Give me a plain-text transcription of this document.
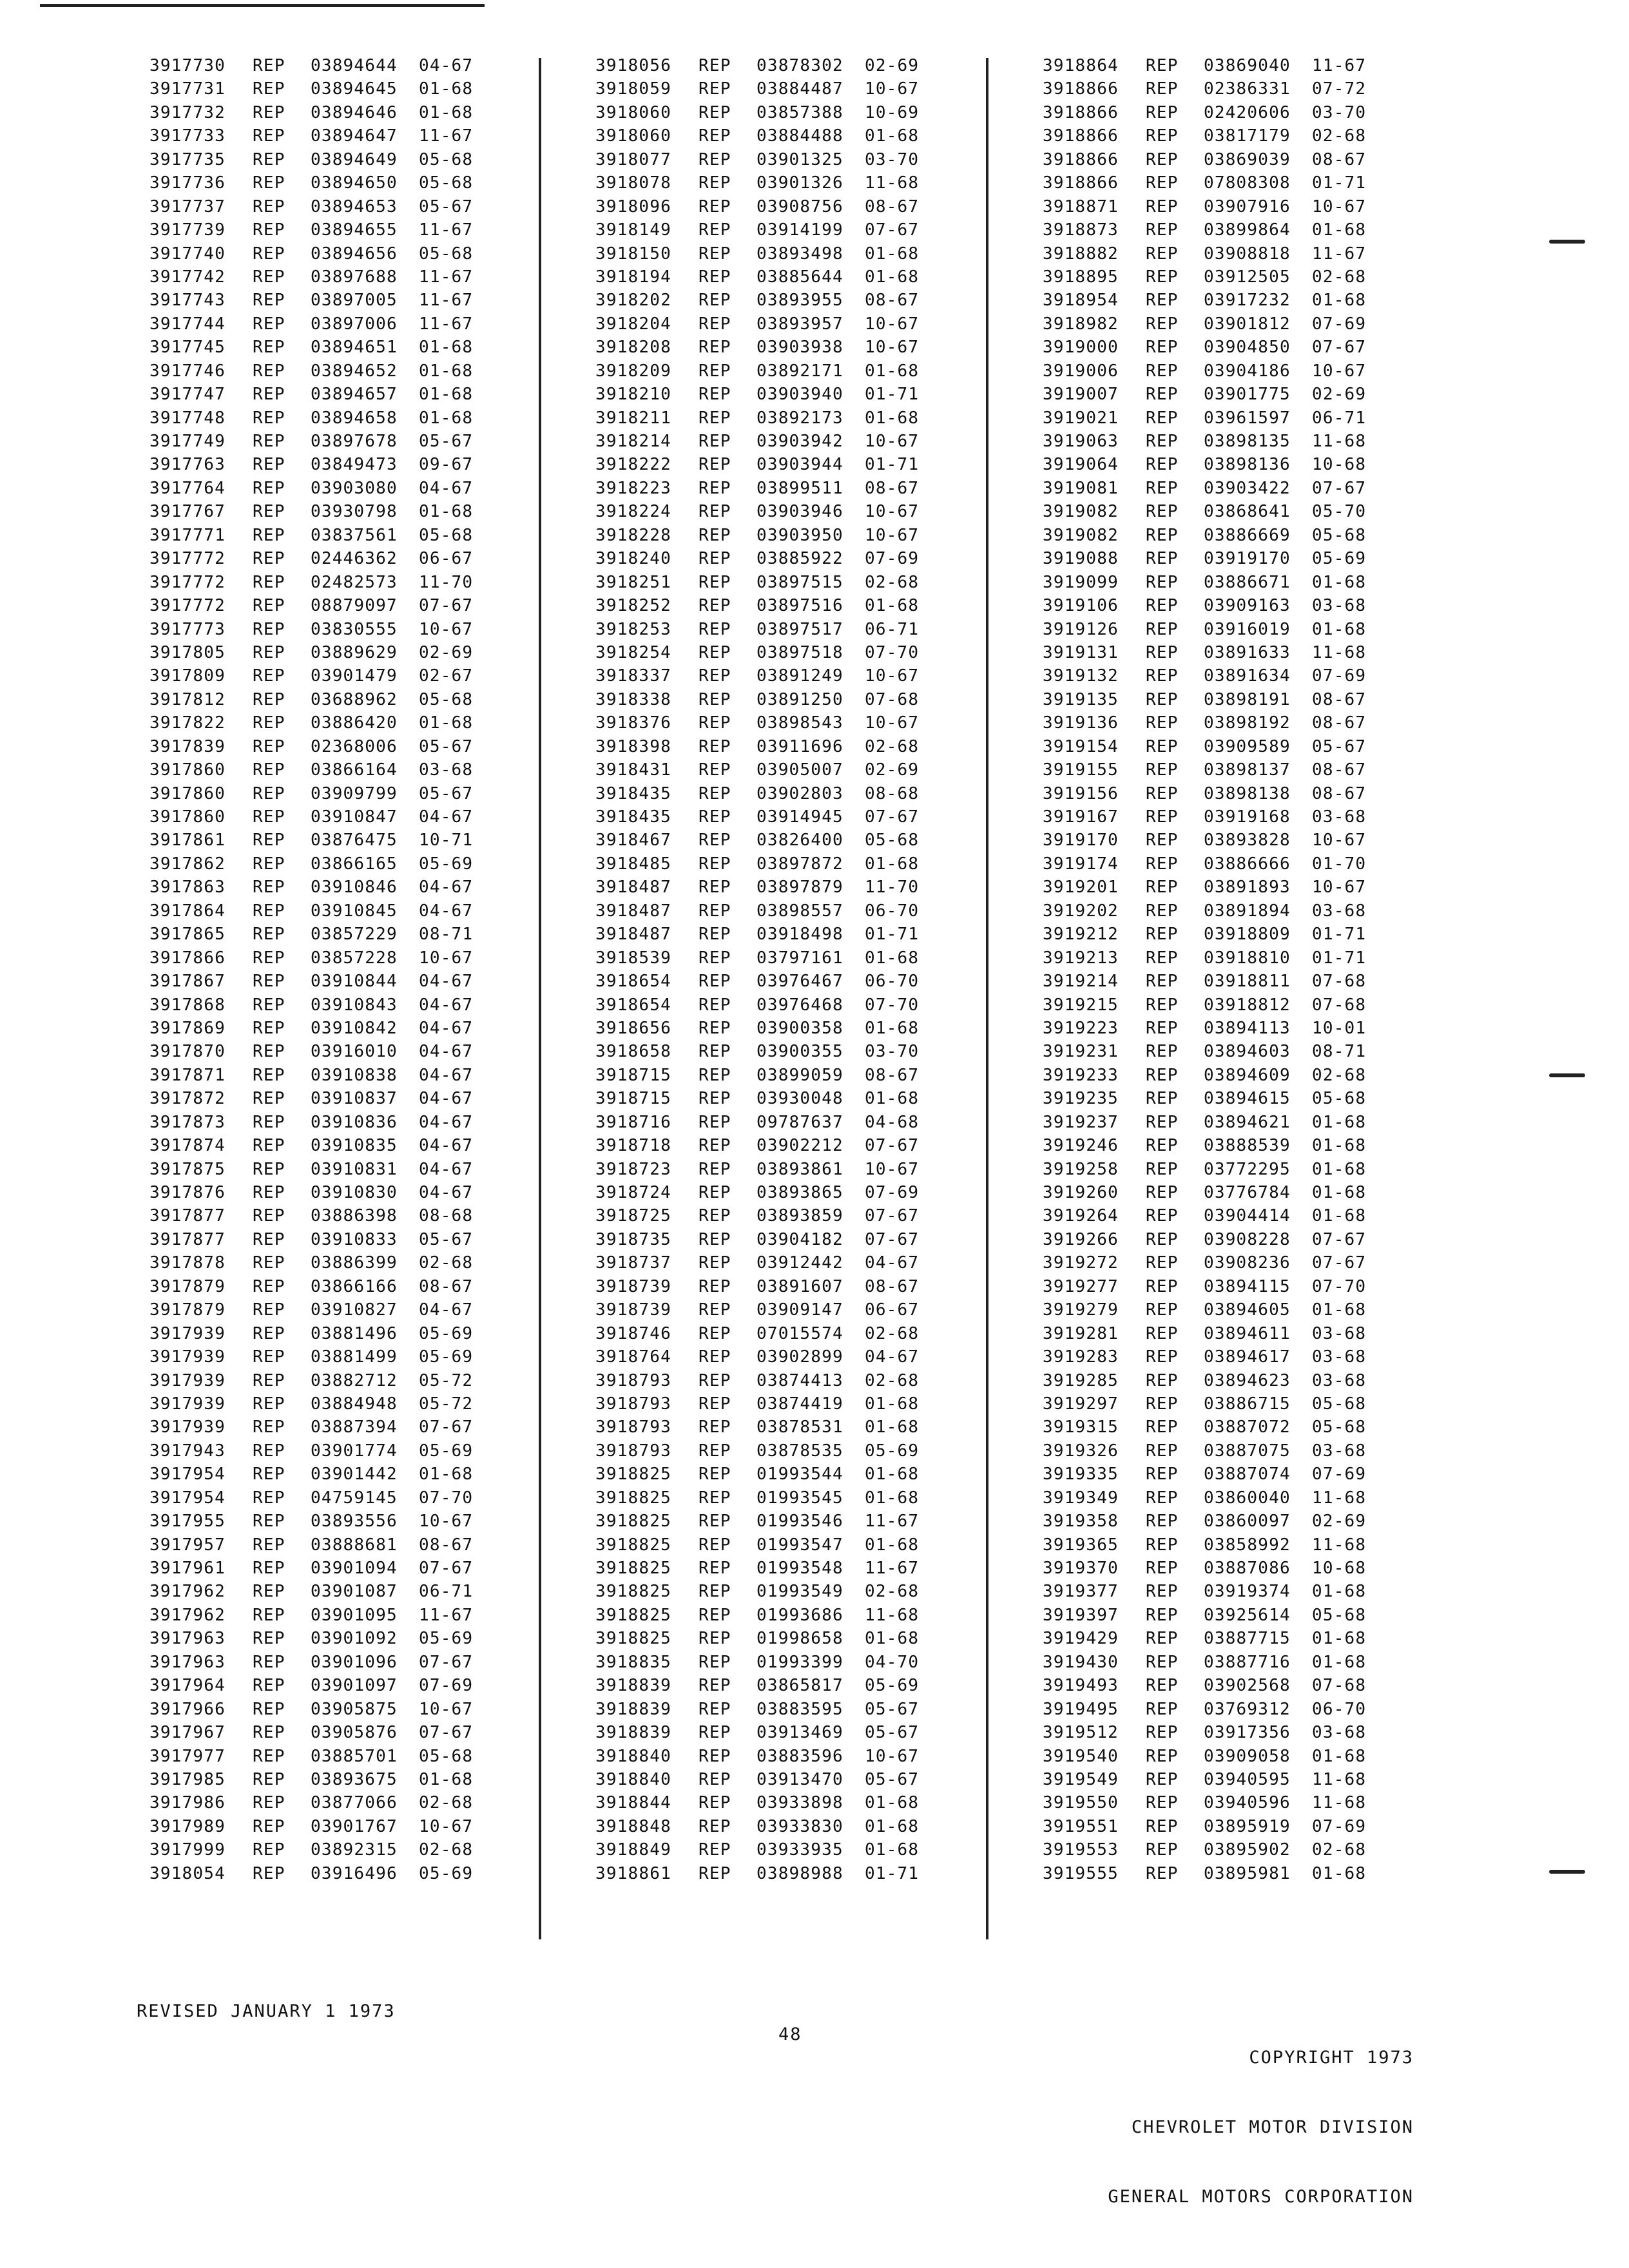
3917730 REP 03894644 04-67
3917731 REP 03894645 01-68
3917732 REP 03894646 01-68
3917733 REP 03894647 11-67
3917735 REP 03894649 05-68
3917736 REP 03894650 05-68
3917737 REP 03894653 05-67
3917739 REP 03894655 11-67
3917740 REP 03894656 05-68
3917742 REP 03897688 11-67
3917743 REP 03897005 11-67
3917744 REP 03897006 11-67
3917745 REP 03894651 01-68
3917746 REP 03894652 01-68
3917747 REP 03894657 01-68
3917748 REP 03894658 01-68
3917749 REP 03897678 05-67
3917763 REP 03849473 09-67
3917764 REP 03903080 04-67
3917767 REP 03930798 01-68
3917771 REP 03837561 05-68
3917772 REP 02446362 06-67
3917772 REP 02482573 11-70
3917772 REP 08879097 07-67
3917773 REP 03830555 10-67
3917805 REP 03889629 02-69
3917809 REP 03901479 02-67
3917812 REP 03688962 05-68
3917822 REP 03886420 01-68
3917839 REP 02368006 05-67
3917860 REP 03866164 03-68
3917860 REP 03909799 05-67
3917860 REP 03910847 04-67
3917861 REP 03876475 10-71
3917862 REP 03866165 05-69
3917863 REP 03910846 04-67
3917864 REP 03910845 04-67
3917865 REP 03857229 08-71
3917866 REP 03857228 10-67
3917867 REP 03910844 04-67
3917868 REP 03910843 04-67
3917869 REP 03910842 04-67
3917870 REP 03916010 04-67
3917871 REP 03910838 04-67
3917872 REP 03910837 04-67
3917873 REP 03910836 04-67
3917874 REP 03910835 04-67
3917875 REP 03910831 04-67
3917876 REP 03910830 04-67
3917877 REP 03886398 08-68
3917877 REP 03910833 05-67
3917878 REP 03886399 02-68
3917879 REP 03866166 08-67
3917879 REP 03910827 04-67
3917939 REP 03881496 05-69
3917939 REP 03881499 05-69
3917939 REP 03882712 05-72
3917939 REP 03884948 05-72
3917939 REP 03887394 07-67
3917943 REP 03901774 05-69
3917954 REP 03901442 01-68
3917954 REP 04759145 07-70
3917955 REP 03893556 10-67
3917957 REP 03888681 08-67
3917961 REP 03901094 07-67
3917962 REP 03901087 06-71
3917962 REP 03901095 11-67
3917963 REP 03901092 05-69
3917963 REP 03901096 07-67
3917964 REP 03901097 07-69
3917966 REP 03905875 10-67
3917967 REP 03905876 07-67
3917977 REP 03885701 05-68
3917985 REP 03893675 01-68
3917986 REP 03877066 02-68
3917989 REP 03901767 10-67
3917999 REP 03892315 02-68
3918054 REP 03916496 05-69
3918056 REP 03878302 02-69
3918059 REP 03884487 10-67
3918060 REP 03857388 10-69
3918060 REP 03884488 01-68
3918077 REP 03901325 03-70
3918078 REP 03901326 11-68
3918096 REP 03908756 08-67
3918149 REP 03914199 07-67
3918150 REP 03893498 01-68
3918194 REP 03885644 01-68
3918202 REP 03893955 08-67
3918204 REP 03893957 10-67
3918208 REP 03903938 10-67
3918209 REP 03892171 01-68
3918210 REP 03903940 01-71
3918211 REP 03892173 01-68
3918214 REP 03903942 10-67
3918222 REP 03903944 01-71
3918223 REP 03899511 08-67
3918224 REP 03903946 10-67
3918228 REP 03903950 10-67
3918240 REP 03885922 07-69
3918251 REP 03897515 02-68
3918252 REP 03897516 01-68
3918253 REP 03897517 06-71
3918254 REP 03897518 07-70
3918337 REP 03891249 10-67
3918338 REP 03891250 07-68
3918376 REP 03898543 10-67
3918398 REP 03911696 02-68
3918431 REP 03905007 02-69
3918435 REP 03902803 08-68
3918435 REP 03914945 07-67
3918467 REP 03826400 05-68
3918485 REP 03897872 01-68
3918487 REP 03897879 11-70
3918487 REP 03898557 06-70
3918487 REP 03918498 01-71
3918539 REP 03797161 01-68
3918654 REP 03976467 06-70
3918654 REP 03976468 07-70
3918656 REP 03900358 01-68
3918658 REP 03900355 03-70
3918715 REP 03899059 08-67
3918715 REP 03930048 01-68
3918716 REP 09787637 04-68
3918718 REP 03902212 07-67
3918723 REP 03893861 10-67
3918724 REP 03893865 07-69
3918725 REP 03893859 07-67
3918735 REP 03904182 07-67
3918737 REP 03912442 04-67
3918739 REP 03891607 08-67
3918739 REP 03909147 06-67
3918746 REP 07015574 02-68
3918764 REP 03902899 04-67
3918793 REP 03874413 02-68
3918793 REP 03874419 01-68
3918793 REP 03878531 01-68
3918793 REP 03878535 05-69
3918825 REP 01993544 01-68
3918825 REP 01993545 01-68
3918825 REP 01993546 11-67
3918825 REP 01993547 01-68
3918825 REP 01993548 11-67
3918825 REP 01993549 02-68
3918825 REP 01993686 11-68
3918825 REP 01998658 01-68
3918835 REP 01993399 04-70
3918839 REP 03865817 05-69
3918839 REP 03883595 05-67
3918839 REP 03913469 05-67
3918840 REP 03883596 10-67
3918840 REP 03913470 05-67
3918844 REP 03933898 01-68
3918848 REP 03933830 01-68
3918849 REP 03933935 01-68
3918861 REP 03898988 01-71
3918864 REP 03869040 11-67
3918866 REP 02386331 07-72
3918866 REP 02420606 03-70
3918866 REP 03817179 02-68
3918866 REP 03869039 08-67
3918866 REP 07808308 01-71
3918871 REP 03907916 10-67
3918873 REP 03899864 01-68
3918882 REP 03908818 11-67
3918895 REP 03912505 02-68
3918954 REP 03917232 01-68
3918982 REP 03901812 07-69
3919000 REP 03904850 07-67
3919006 REP 03904186 10-67
3919007 REP 03901775 02-69
3919021 REP 03961597 06-71
3919063 REP 03898135 11-68
3919064 REP 03898136 10-68
3919081 REP 03903422 07-67
3919082 REP 03868641 05-70
3919082 REP 03886669 05-68
3919088 REP 03919170 05-69
3919099 REP 03886671 01-68
3919106 REP 03909163 03-68
3919126 REP 03916019 01-68
3919131 REP 03891633 11-68
3919132 REP 03891634 07-69
3919135 REP 03898191 08-67
3919136 REP 03898192 08-67
3919154 REP 03909589 05-67
3919155 REP 03898137 08-67
3919156 REP 03898138 08-67
3919167 REP 03919168 03-68
3919170 REP 03893828 10-67
3919174 REP 03886666 01-70
3919201 REP 03891893 10-67
3919202 REP 03891894 03-68
3919212 REP 03918809 01-71
3919213 REP 03918810 01-71
3919214 REP 03918811 07-68
3919215 REP 03918812 07-68
3919223 REP 03894113 10-01
3919231 REP 03894603 08-71
3919233 REP 03894609 02-68
3919235 REP 03894615 05-68
3919237 REP 03894621 01-68
3919246 REP 03888539 01-68
3919258 REP 03772295 01-68
3919260 REP 03776784 01-68
3919264 REP 03904414 01-68
3919266 REP 03908228 07-67
3919272 REP 03908236 07-67
3919277 REP 03894115 07-70
3919279 REP 03894605 01-68
3919281 REP 03894611 03-68
3919283 REP 03894617 03-68
3919285 REP 03894623 03-68
3919297 REP 03886715 05-68
3919315 REP 03887072 05-68
3919326 REP 03887075 03-68
3919335 REP 03887074 07-69
3919349 REP 03860040 11-68
3919358 REP 03860097 02-69
3919365 REP 03858992 11-68
3919370 REP 03887086 10-68
3919377 REP 03919374 01-68
3919397 REP 03925614 05-68
3919429 REP 03887715 01-68
3919430 REP 03887716 01-68
3919493 REP 03902568 07-68
3919495 REP 03769312 06-70
3919512 REP 03917356 03-68
3919540 REP 03909058 01-68
3919549 REP 03940595 11-68
3919550 REP 03940596 11-68
3919551 REP 03895919 07-69
3919553 REP 03895902 02-68
3919555 REP 03895981 01-68
REVISED JANUARY 1 1973
48

COPYRIGHT 1973

CHEVROLET MOTOR DIVISION

GENERAL MOTORS CORPORATION
